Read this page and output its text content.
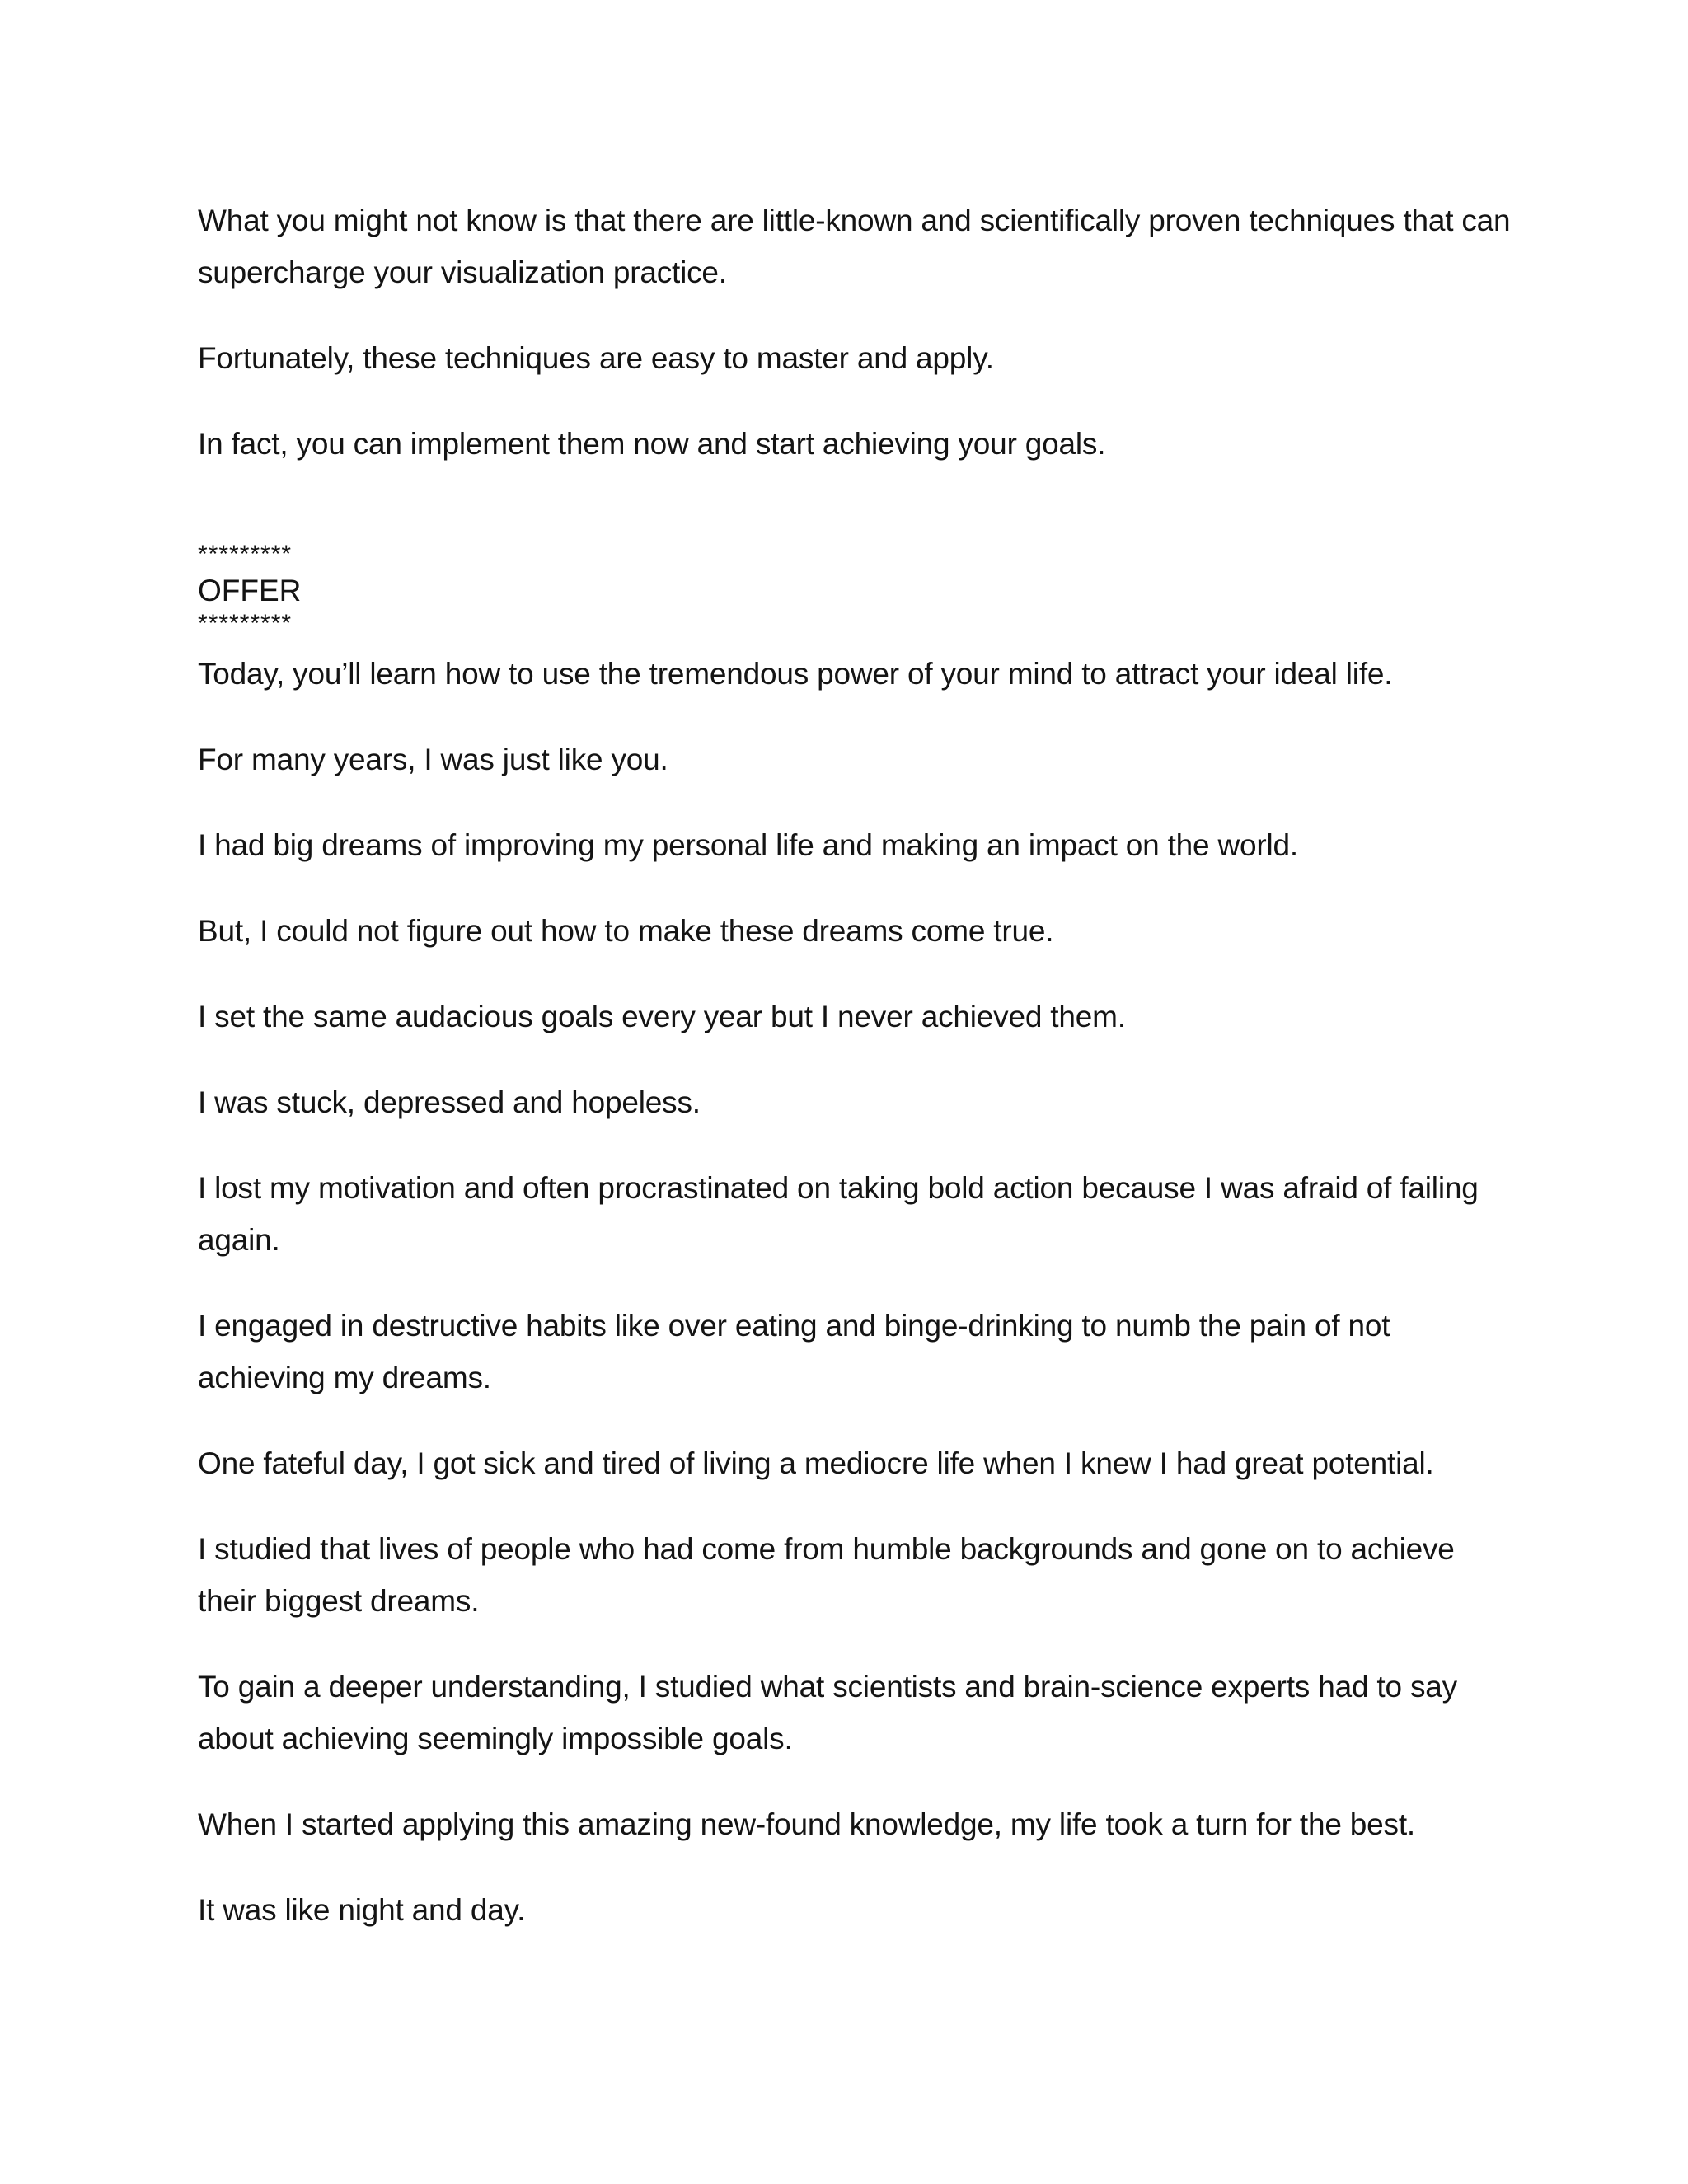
What you might not know is that there are little-known and scientifically proven techniques that can supercharge your visualization practice.

Fortunately, these techniques are easy to master and apply.

In fact, you can implement them now and start achieving your goals.

*********
OFFER
*********

Today, you’ll learn how to use the tremendous power of your mind to attract your ideal life.

For many years, I was just like you.

I had big dreams of improving my personal life and making an impact on the world.

But, I could not figure out how to make these dreams come true.

I set the same audacious goals every year but I never achieved them.

I was stuck, depressed and hopeless.

I lost my motivation and often procrastinated on taking bold action because I was afraid of failing again.

I engaged in destructive habits like over eating and binge-drinking to numb the pain of not achieving my dreams.

One fateful day, I got sick and tired of living a mediocre life when I knew I had great potential.

I studied that lives of people who had come from humble backgrounds and gone on to achieve their biggest dreams.

To gain a deeper understanding, I studied what scientists and brain-science experts had to say about achieving seemingly impossible goals.

When I started applying this amazing new-found knowledge, my life took a turn for the best.

It was like night and day.
